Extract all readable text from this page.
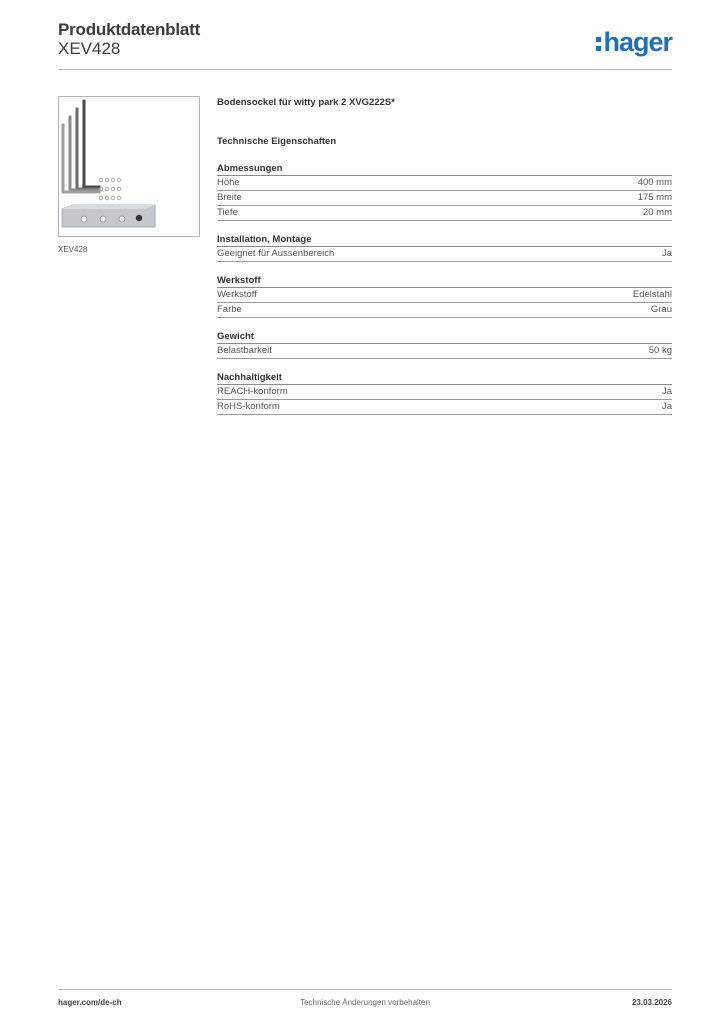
Produktdatenblatt
XEV428	hager
XEV428
Bodensockel für witty park 2 XVG222S*
Technische Eigenschaften
Abmessungen
Höhe	400 mm
Breite	175 mm
Tiefe	20 mm
Installation, Montage
Geeignet für Aussenbereich	Ja
Werkstoff
Werkstoff	Edelstahl
Farbe	Grau
Gewicht
Belastbarkeit	50 kg
Nachhaltigkeit
REACH-konform	Ja
RoHS-konform	Ja
hager.com/de-ch	Technische Änderungen vorbehalten	23.03.2026
